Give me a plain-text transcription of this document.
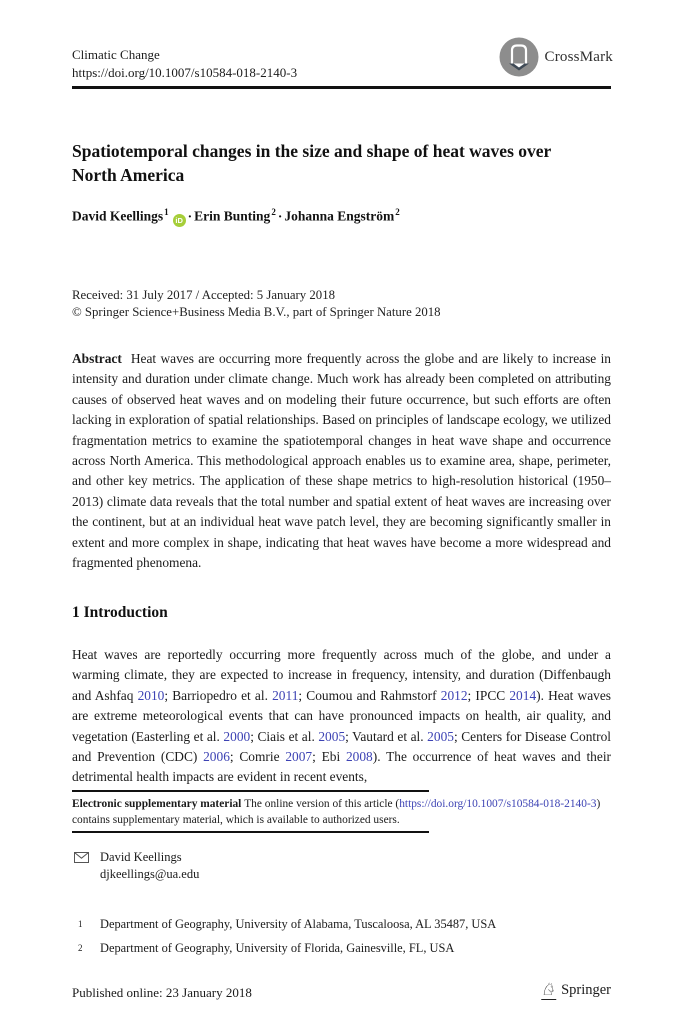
Climatic Change
https://doi.org/10.1007/s10584-018-2140-3
CrossMark
Spatiotemporal changes in the size and shape of heat waves over North America
David Keellings$^1$iD · Erin Bunting$^2$ · Johanna Engström$^2$
Received: 31 July 2017 / Accepted: 5 January 2018
© Springer Science+Business Media B.V., part of Springer Nature 2018

Abstract Heat waves are occurring more frequently across the globe and are likely to increase in intensity and duration under climate change. Much work has already been completed on attributing causes of observed heat waves and on modeling their future occurrence, but such efforts are often lacking in exploration of spatial relationships. Based on principles of landscape ecology, we utilized fragmentation metrics to examine the spatiotemporal changes in heat wave shape and occurrence across North America. This methodological approach enables us to examine area, shape, perimeter, and other key metrics. The application of these shape metrics to high-resolution historical (1950–2013) climate data reveals that the total number and spatial extent of heat waves are increasing over the continent, but at an individual heat wave patch level, they are becoming significantly smaller in extent and more complex in shape, indicating that heat waves have become a more widespread and fragmented phenomena.

1 Introduction

Heat waves are reportedly occurring more frequently across much of the globe, and under a warming climate, they are expected to increase in frequency, intensity, and duration (Diffenbaugh and Ashfaq 2010; Barriopedro et al. 2011; Coumou and Rahmstorf 2012; IPCC 2014). Heat waves are extreme meteorological events that can have pronounced impacts on health, air quality, and vegetation (Easterling et al. 2000; Ciais et al. 2005; Vautard et al. 2005; Centers for Disease Control and Prevention (CDC) 2006; Comrie 2007; Ebi 2008). The occurrence of heat waves and their detrimental health impacts are evident in recent events,

Electronic supplementary material The online version of this article (https://doi.org/10.1007/s10584-018-2140-3) contains supplementary material, which is available to authorized users.

David Keellings
djkeellings@ua.edu
1 Department of Geography, University of Alabama, Tuscaloosa, AL 35487, USA
2 Department of Geography, University of Florida, Gainesville, FL, USA
Published online: 23 January 2018	♘ Springer
